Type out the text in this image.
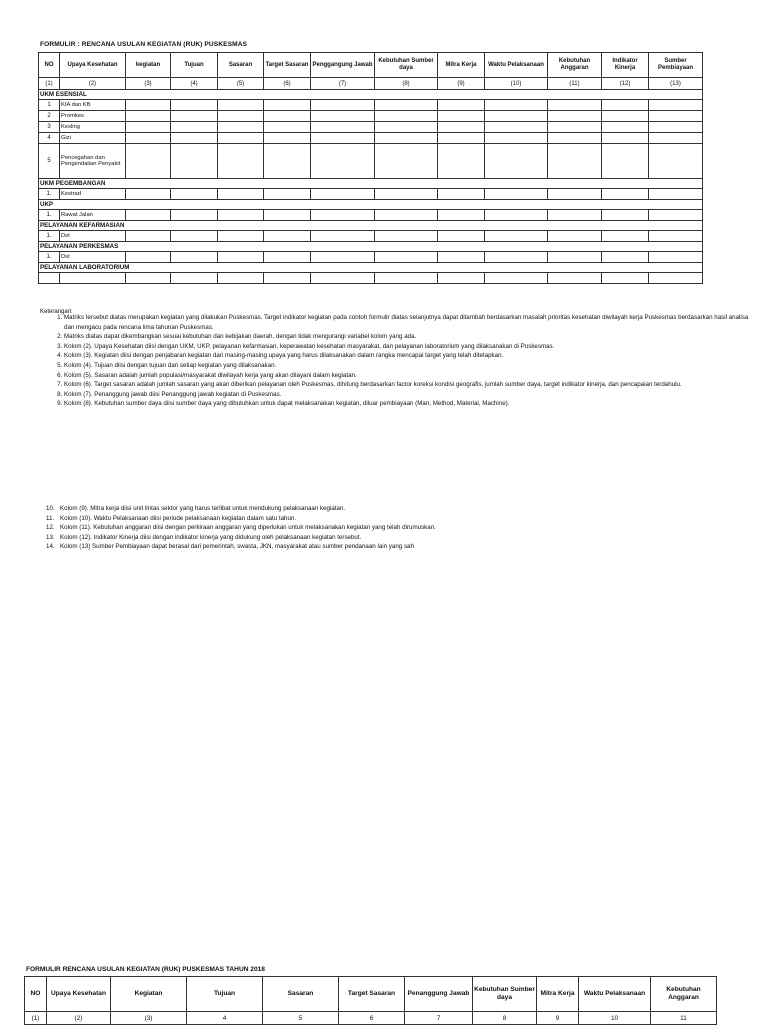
FORMULIR : RENCANA USULAN KEGIATAN (RUK) PUSKESMAS
NO	Upaya Kesehatan	kegiatan	Tujuan	Sasaran	Target Sasaran	Penggangung Jawab	Kebutuhan Sumber daya	Mitra Kerja	Waktu Pelaksanaan	Kebutuhan Anggaran	Indikator Kinerja	Sumber Pembiayaan
(1)	(2)	(3)	(4)	(5)	(6)	(7)	(8)	(9)	(10)	(11)	(12)	(13)
UKM ESENSIAL												
1	KIA dan KB											
2	Promkes											
3	Kesling											
4	Gizi											
5	Pencegahan dan Pengendalian Penyakit											
UKM PEGEMBANGAN												
1.	Kestrad											
UKP												
1.	Rawat Jalan											
PELAYANAN KEFARMASIAN												
1.	Dst											
PELAYANAN PERKESMAS												
1.	Dst											
PELAYANAN LABORATORIUM												

Keterangan:
1. Matriks tersebut diatas merupakan kegiatan yang dilakukan Puskesmas. Target indikator kegiatan pada contoh formulir diatas selanjutnya dapat ditambah berdasarkan masalah prioritas kesehatan diwilayah kerja Puskesmas berdasarkan hasil analisa dan mengacu pada rencana lima tahunan Puskesmas.
2. Matriks diatas dapat dikembangkan sesuai kebutuhan dan kebijakan daerah, dengan tidak mengurangi variabel kolom yang ada.
3. Kolom (2). Upaya Kesehatan diisi dengan UKM, UKP, pelayanan kefarmasian, keperawatan kesehatan masyarakat, dan pelayanan laboratorium yang dilaksanakan di Puskesmas.
4. Kolom (3). Kegiatan diisi dengan penjabaran kegiatan dari masing-masing upaya yang harus dilaksanakan dalam rangka mencapai target yang telah ditetapkan.
5. Kolom (4). Tujuan diisi dengan tujuan dari setiap kegiatan yang dilaksanakan.
6. Kolom (5). Sasaran adalah jumlah populasi/masyarakat diwilayah kerja yang akan dilayani dalam kegiatan.
7. Kolom (6). Target sasaran adalah jumlah sasaran yang akan diberikan pelayanan oleh Puskesmas, dihitung berdasarkan factor koreksi kondisi geografis, jumlah sumber daya, target indikator kinerja, dan pencapaian terdahulu.
8. Kolom (7). Penanggung jawab diisi Penanggung jawab kegiatan di Puskesmas.
9. Kolom (8). Kebutuhan sumber daya diisi sumber daya yang dibutuhkan untuk dapat melaksanakan kegiatan, diluar pembiayaan (Man, Method, Material, Machine).
10. Kolom (9). Mitra kerja diisi unit lintas sektor yang harus terlibat untuk mendukung pelaksanaan kegiatan.
11. Kolom (10). Waktu Pelaksanaan diisi periode pelaksanaan kegiatan dalam satu tahun.
12. Kolom (11). Kebutuhan anggaran diisi dengan perkiraan anggaran yang diperlukan untuk melaksanakan kegiatan yang telah dirumuskan.
13. Kolom (12). Indikator Kinerja diisi dengan indikator kinerja yang didukung oleh pelaksanaan kegiatan tersebut.
14. Kolom (13) Sumber Pembiayaan dapat berasal dari pemerintah, swasta, JKN, masyarakat atau sumber pendanaan lain yang sah
FORMULIR RENCANA USULAN KEGIATAN (RUK) PUSKESMAS TAHUN 2018
NO	Upaya Kesehatan	Kegiatan	Tujuan	Sasaran	Target Sasaran	Penanggung Jawab	Kebutuhan Sumber daya	Mitra Kerja	Waktu Pelaksanaan	Kebutuhan Anggaran
(1)	(2)	(3)	4	5	6	7	8	9	10	11
